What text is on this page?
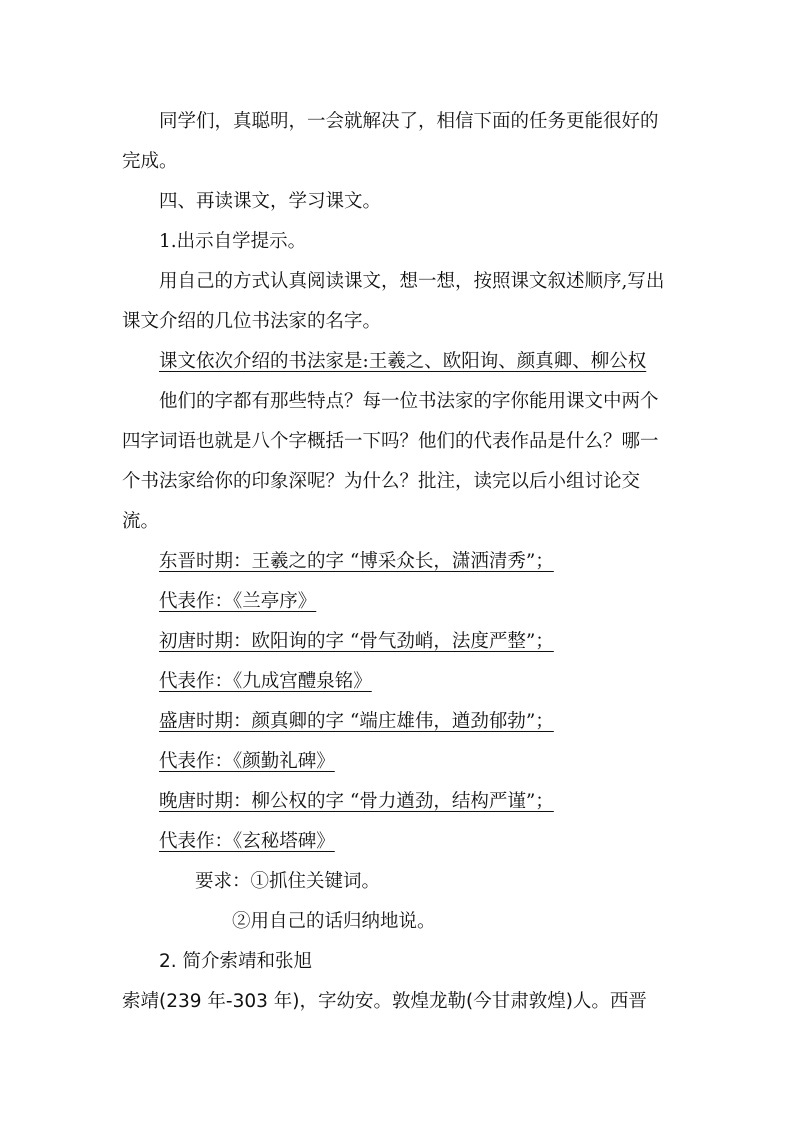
同学们，真聪明，一会就解决了，相信下面的任务更能很好的
完成。
四、再读课文，学习课文。
1.出示自学提示。
用自己的方式认真阅读课文，想一想，按照课文叙述顺序,写出
课文介绍的几位书法家的名字。
课文依次介绍的书法家是:王羲之、欧阳询、颜真卿、柳公权
他们的字都有那些特点？每一位书法家的字你能用课文中两个
四字词语也就是八个字概括一下吗？他们的代表作品是什么？哪一
个书法家给你的印象深呢？为什么？批注，读完以后小组讨论交
流。
东晋时期：王羲之的字 “博采众长，潇洒清秀”；
代表作：《兰亭序》
初唐时期：欧阳询的字 “骨气劲峭，法度严整”；
代表作：《九成宫醴泉铭》
盛唐时期：颜真卿的字 “端庄雄伟，遒劲郁勃”；
代表作：《颜勤礼碑》
晚唐时期：柳公权的字 “骨力遒劲，结构严谨”；
代表作：《玄秘塔碑》
要求：①抓住关键词。
②用自己的话归纳地说。
2. 简介索靖和张旭
索靖(239 年-303 年)，字幼安。敦煌龙勒(今甘肃敦煌)人。西晋
